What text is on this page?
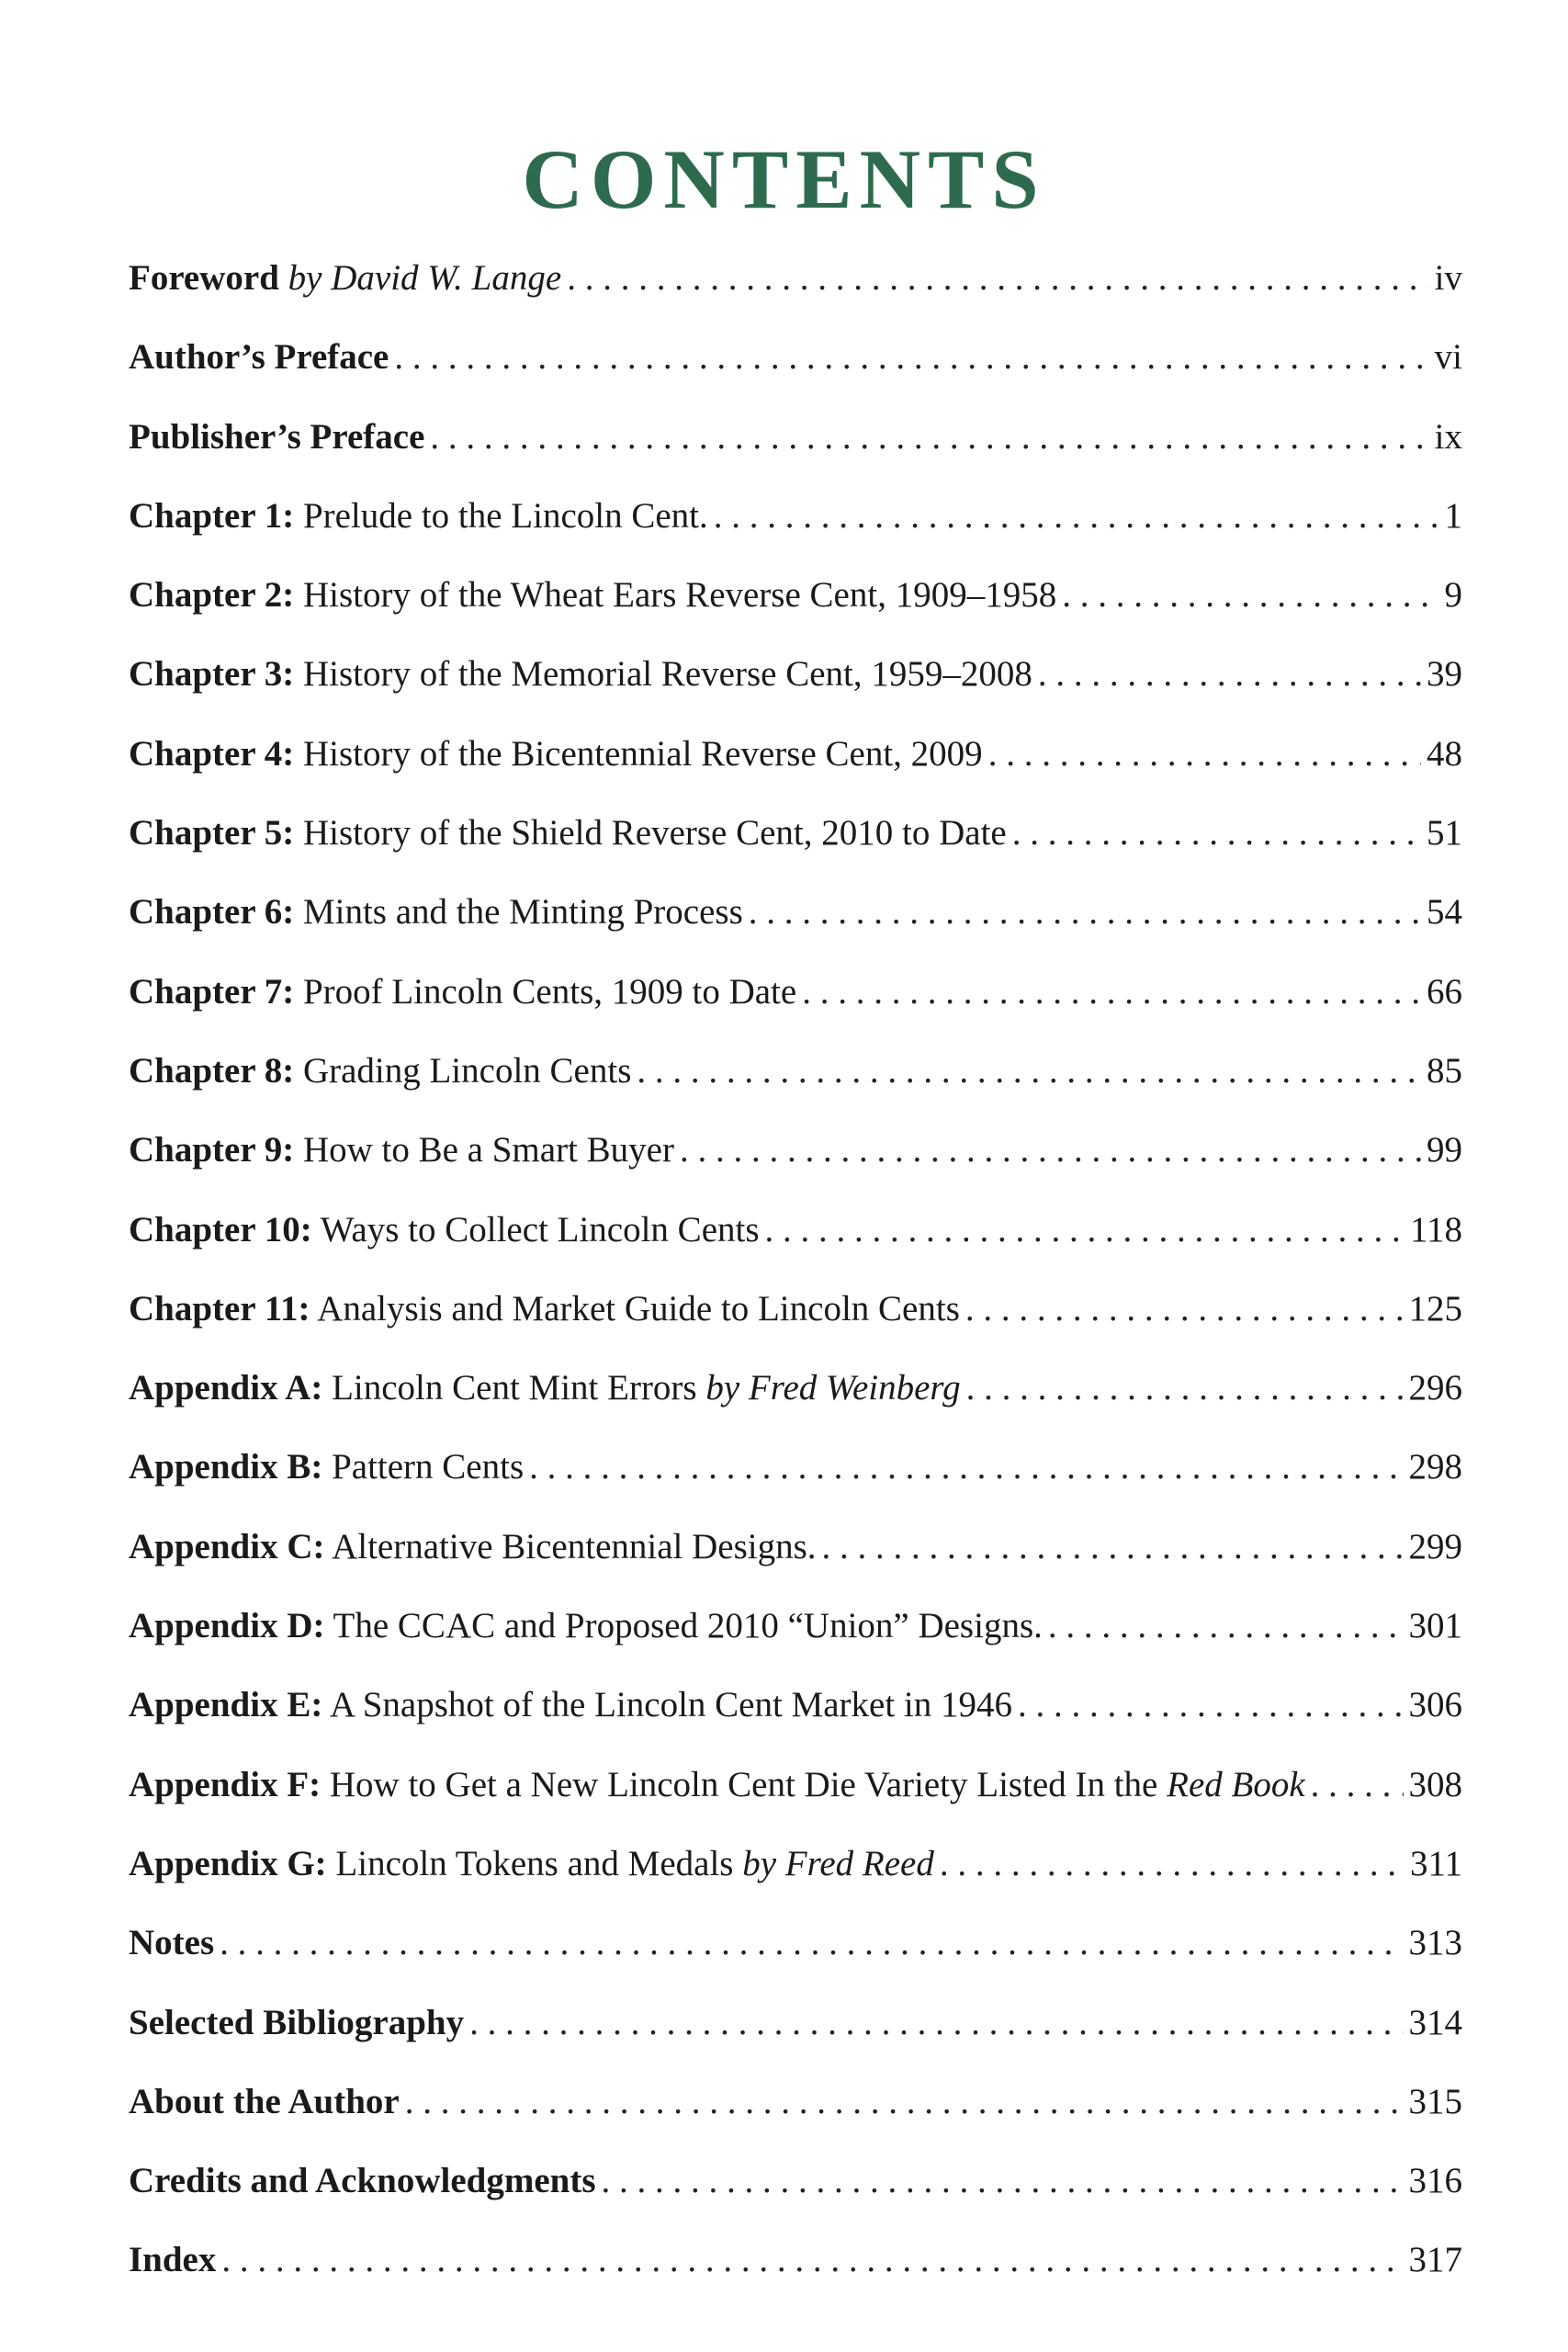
CONTENTS
Foreword by David W. Lange . . .	iv
Author’s Preface . . .	vi
Publisher’s Preface . . .	ix
Chapter 1: Prelude to the Lincoln Cent. . . .	1
Chapter 2: History of the Wheat Ears Reverse Cent, 1909–1958 . . .	9
Chapter 3: History of the Memorial Reverse Cent, 1959–2008 . . .	39
Chapter 4: History of the Bicentennial Reverse Cent, 2009 . . .	48
Chapter 5: History of the Shield Reverse Cent, 2010 to Date . . .	51
Chapter 6: Mints and the Minting Process . . .	54
Chapter 7: Proof Lincoln Cents, 1909 to Date . . .	66
Chapter 8: Grading Lincoln Cents . . .	85
Chapter 9: How to Be a Smart Buyer . . .	99
Chapter 10: Ways to Collect Lincoln Cents . . .	118
Chapter 11: Analysis and Market Guide to Lincoln Cents . . .	125
Appendix A: Lincoln Cent Mint Errors by Fred Weinberg . . .	296
Appendix B: Pattern Cents . . .	298
Appendix C: Alternative Bicentennial Designs. . . .	299
Appendix D: The CCAC and Proposed 2010 “Union” Designs. . . .	301
Appendix E: A Snapshot of the Lincoln Cent Market in 1946 . . .	306
Appendix F: How to Get a New Lincoln Cent Die Variety Listed In the Red Book . . .	308
Appendix G: Lincoln Tokens and Medals by Fred Reed . . .	311
Notes . . .	313
Selected Bibliography . . .	314
About the Author . . .	315
Credits and Acknowledgments . . .	316
Index . . .	317
